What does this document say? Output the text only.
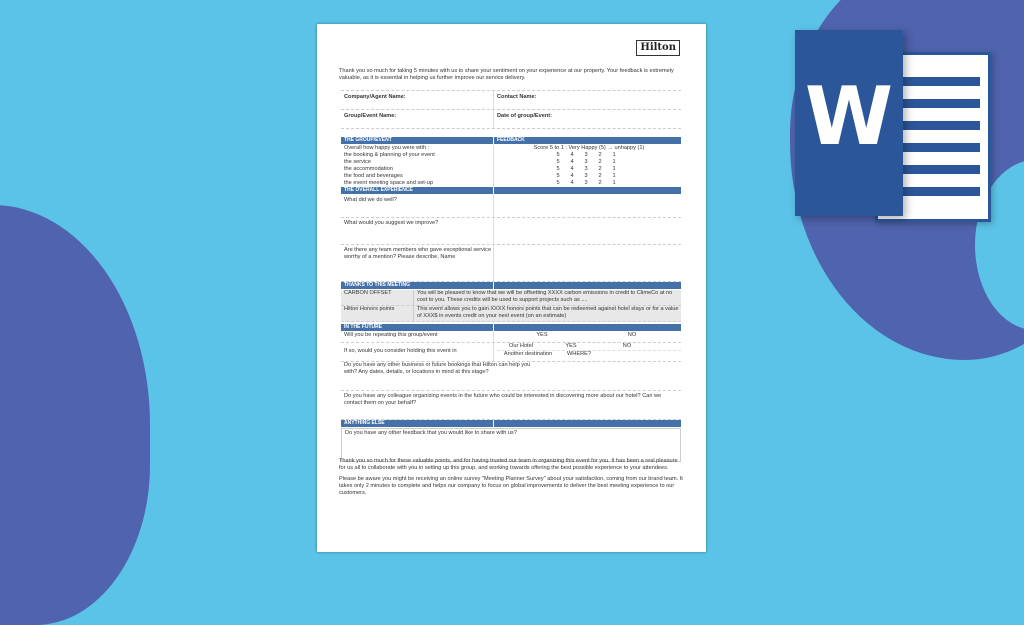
W
Hilton
Thank you so much for taking 5 minutes with us to share your sentiment on your experience at our property. Your feedback is extremely valuable, as it is essential in helping us further improve our service delivery.
Company/Agent Name:	Contact Name:
Group/Event Name:	Date of group/Event:
THE GROUP/EVENT	FEEDBACK
Overall how happy you were with :	Score 5 to 1 : Very Happy (5) → unhappy (1)
the booking & planning of your event	5	4	3	2	1
the service	5	4	3	2	1
the accommodation	5	4	3	2	1
the food and beverages	5	4	3	2	1
the event meeting space and set-up	5	4	3	2	1
THE OVERALL EXPERIENCE
What did we do well?
What would you suggest we improve?
Are there any team members who gave exceptional service worthy of a mention? Please describe, Name
THANKS TO THIS MEETING
CARBON OFFSET	You will be pleased to know that we will be offsetting XXXX carbon emissions in credit to ClimeCo at no cost to you. These credits will be used to support projects such as ....
Hilton Honors points	This event allows you to gain XXXX honors points that can be redeemed against hotel stays or for a value of XXX$ in events credit on your next event (on an estimate)
IN THE FUTURE
Will you be repeating this group/event	YES	NO
If so, would you consider holding this event in
Our Hotel	YES	NO
Another destination	WHERE?
Do you have any other business or future bookings that Hilton can help you with? Any dates, details, or locations in mind at this stage?
Do you have any colleague organizing events in the future who could be interested in discovering more about our hotel? Can we contact them on your behalf?
ANYTHING ELSE
Do you have any other feedback that you would like to share with us?

Thank you so much for these valuable points, and for having trusted our team in organizing this event for you. It has been a real pleasure for us all to collaborate with you in setting up this group, and working towards offering the best possible experience to your attendees.

Please be aware you might be receiving an online survey "Meeting Planner Survey" about your satisfaction, coming from our brand team. It takes only 2 minutes to complete and helps our company to focus on global improvements to deliver the best meeting experience to our customers.
